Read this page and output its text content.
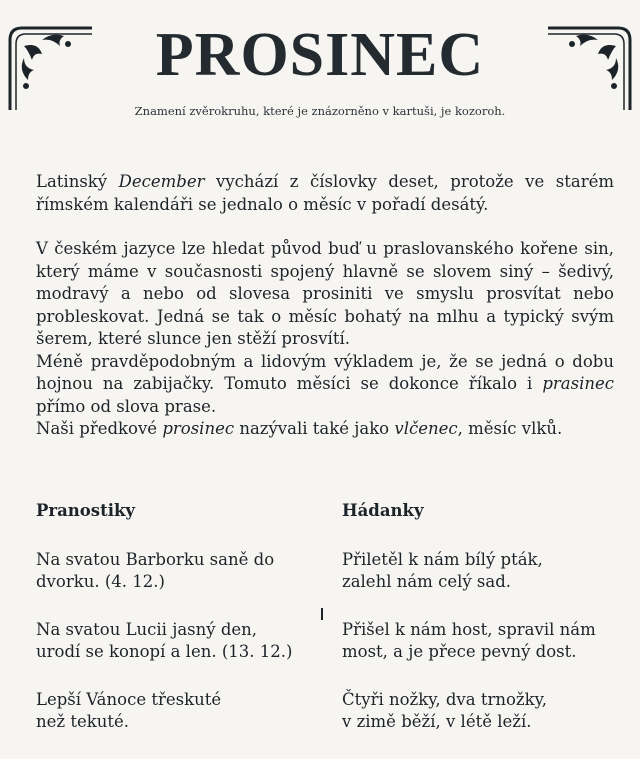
PROSINEC
Znamení zvěrokruhu, které je znázorněno v kartuši, je kozoroh.

Latinský December vychází z číslovky deset, protože ve starém římském kalendáři se jednalo o měsíc v pořadí desátý.

V českém jazyce lze hledat původ buď u praslovanského kořene sin, který máme v současnosti spojený hlavně se slovem siný – šedivý, modravý a nebo od slovesa prosiniti ve smyslu prosvítat nebo probleskovat. Jedná se tak o měsíc bohatý na mlhu a typický svým šerem, které slunce jen stěží prosvítí.

Méně pravděpodobným a lidovým výkladem je, že se jedná o dobu hojnou na zabijačky. Tomuto měsíci se dokonce říkalo i prasinec přímo od slova prase.

Naši předkové prosinec nazývali také jako vlčenec, měsíc vlků.

Pranostiky
Na svatou Barborku saně do
dvorku. (4. 12.)
Na svatou Lucii jasný den,
urodí se konopí a len. (13. 12.)
Lepší Vánoce třeskuté
než tekuté.
Hádanky
Přiletěl k nám bílý pták,
zalehl nám celý sad.
Přišel k nám host, spravil nám
most, a je přece pevný dost.
Čtyři nožky, dva trnožky,
v zimě běží, v létě leží.
